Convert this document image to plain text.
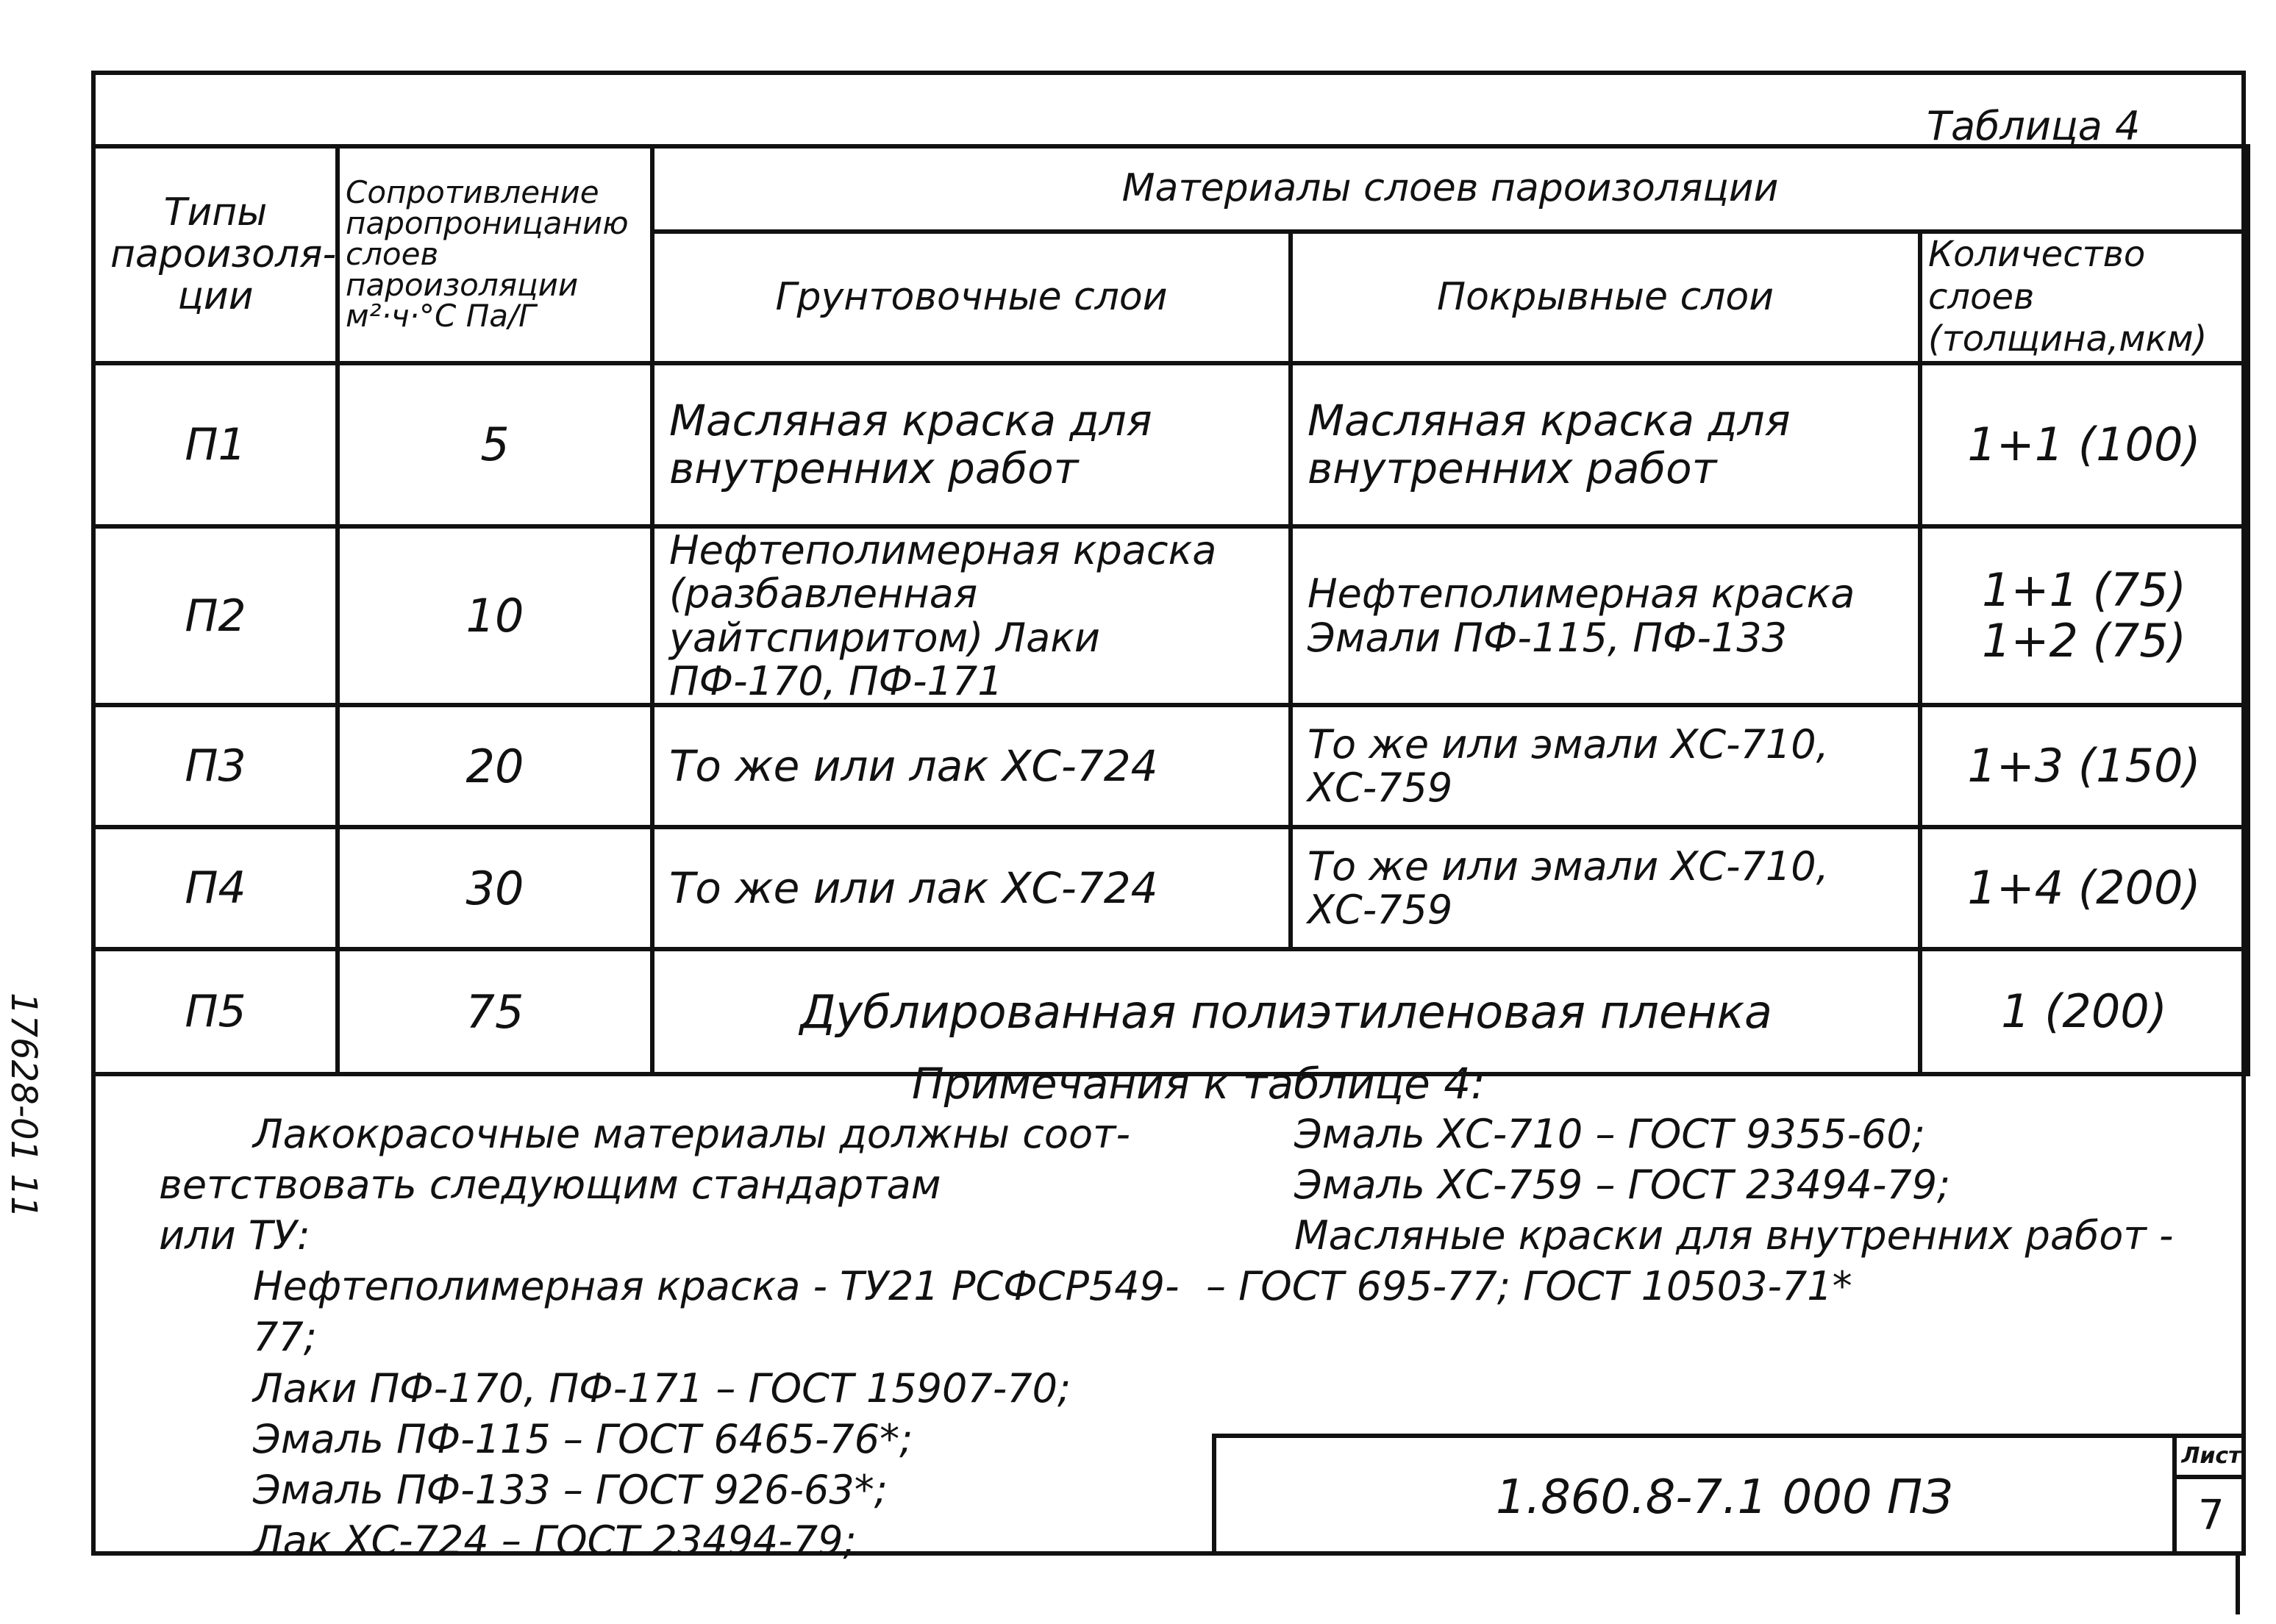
Таблица 4
Типы пароизоля-ции	Сопротивление паропроницанию слоев пароизоляции м²·ч·°С Па/Г	Материалы слоев пароизоляции		
		Грунтовочные слои	Покрывные слои	Количество слоев (толщина,мкм)
П1	5	Масляная краска для внутренних работ	Масляная краска для внутренних работ	1+1 (100)
П2	10	Нефтеполимерная краска (разбавленная уайтспиритом) Лаки ПФ-170, ПФ-171	Нефтеполимерная краска Эмали ПФ-115, ПФ-133	1+1 (75) 1+2 (75)
П3	20	То же или лак ХС-724	То же или эмали ХС-710, ХС-759	1+3 (150)
П4	30	То же или лак ХС-724	То же или эмали ХС-710, ХС-759	1+4 (200)
П5	75	Дублированная полиэтиленовая пленка		1 (200)
Примечания к таблице 4:
Лакокрасочные материалы должны соот-
ветствовать следующим стандартам
или ТУ:
Нефтеполимерная краска - ТУ21 РСФСР549-77;
Лаки ПФ-170, ПФ-171 – ГОСТ 15907-70;
Эмаль ПФ-115 – ГОСТ 6465-76*;
Эмаль ПФ-133 – ГОСТ 926-63*;
Лак ХС-724 – ГОСТ 23494-79;
Эмаль ХС-710 – ГОСТ 9355-60;
Эмаль ХС-759 – ГОСТ 23494-79;
Масляные краски для внутренних работ -
– ГОСТ 695-77; ГОСТ 10503-71*
1.860.8-7.1 000 ПЗ
Лист
7
17628-01 11
